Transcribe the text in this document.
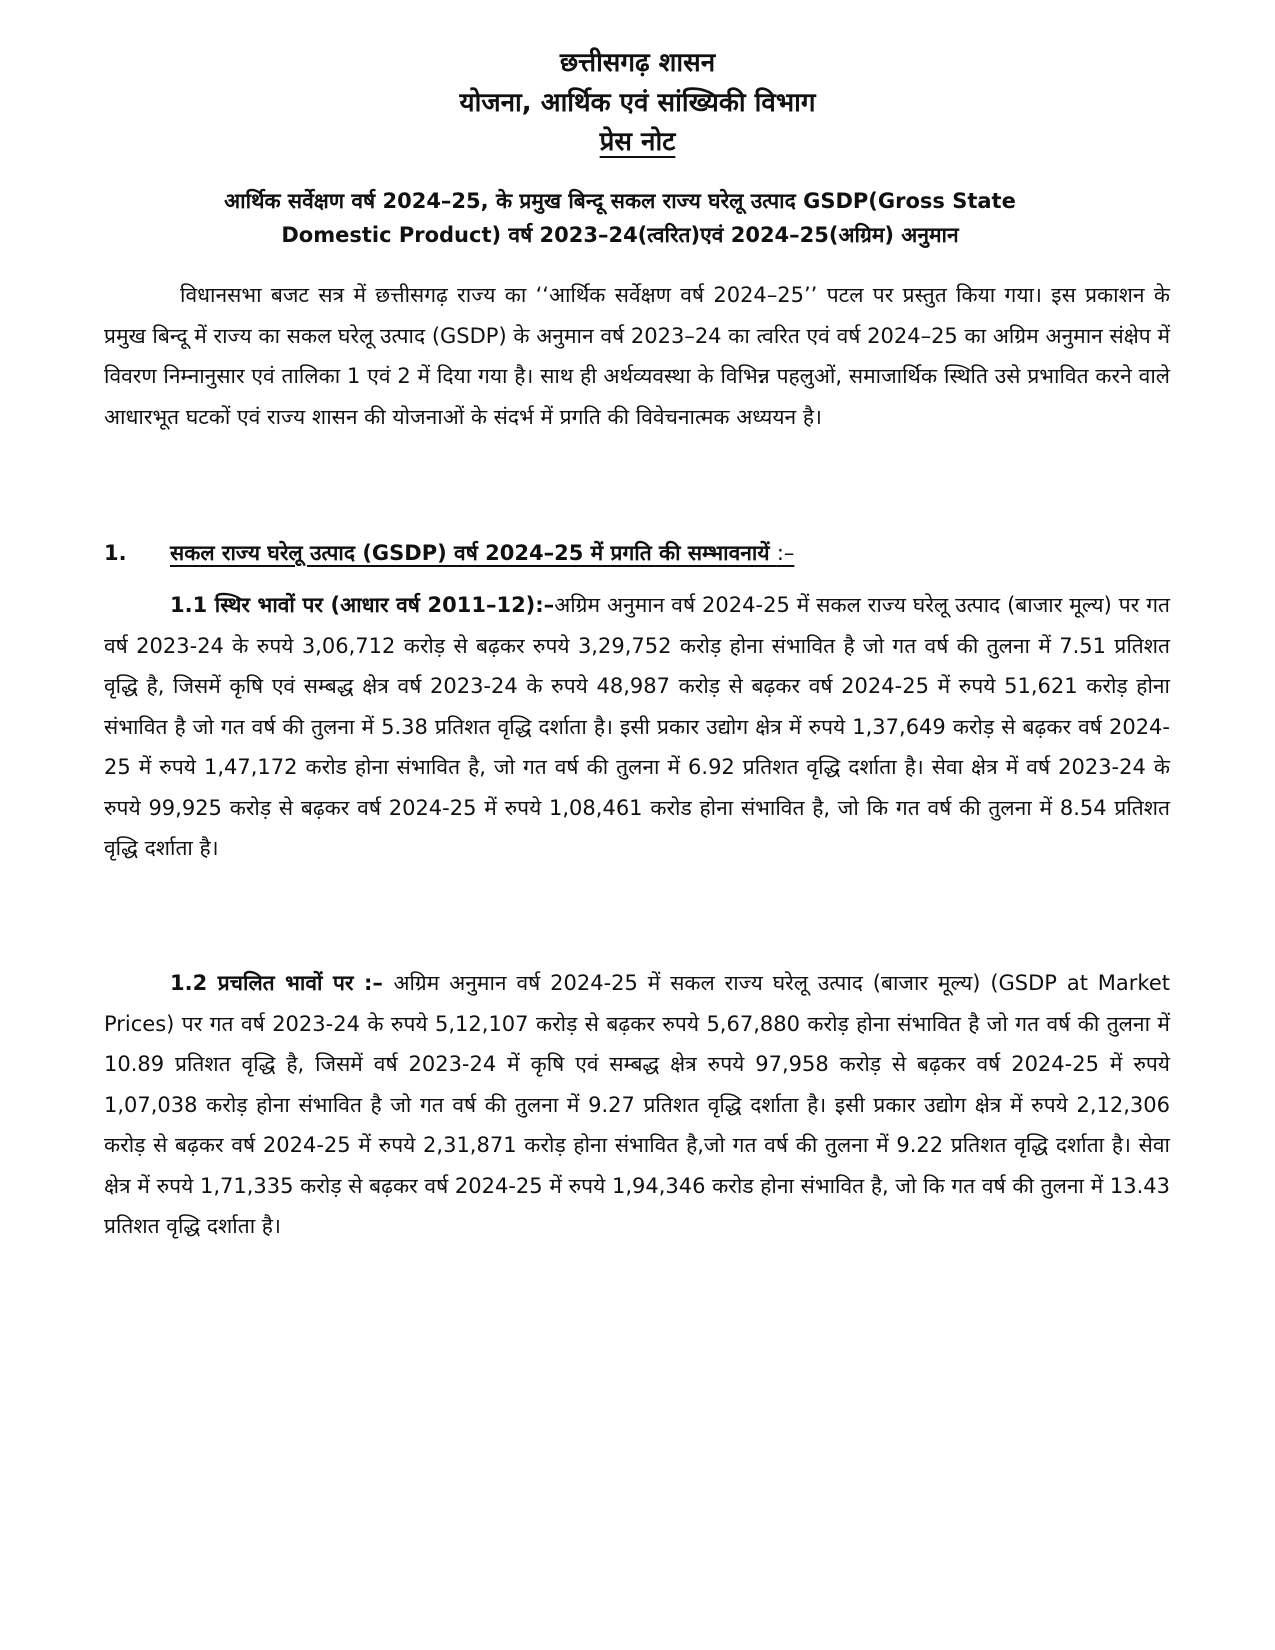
छत्तीसगढ़ शासन
योजना, आर्थिक एवं सांख्यिकी विभाग
प्रेस नोट
आर्थिक सर्वेक्षण वर्ष 2024–25, के प्रमुख बिन्दू सकल राज्य घरेलू उत्पाद GSDP(Gross State
Domestic Product) वर्ष 2023–24(त्वरित)एवं 2024–25(अग्रिम) अनुमान
विधानसभा बजट सत्र में छत्तीसगढ़ राज्य का ‘‘आर्थिक सर्वेक्षण वर्ष 2024–25’’ पटल पर प्रस्तुत किया गया। इस प्रकाशन के प्रमुख बिन्दू में राज्य का सकल घरेलू उत्पाद (GSDP) के अनुमान वर्ष 2023–24 का त्वरित एवं वर्ष 2024–25 का अग्रिम अनुमान संक्षेप में विवरण निम्नानुसार एवं तालिका 1 एवं 2 में दिया गया है। साथ ही अर्थव्यवस्था के विभिन्न पहलुओं, समाजार्थिक स्थिति उसे प्रभावित करने वाले आधारभूत घटकों एवं राज्य शासन की योजनाओं के संदर्भ में प्रगति की विवेचनात्मक अध्ययन है।
1. सकल राज्य घरेलू उत्पाद (GSDP) वर्ष 2024–25 में प्रगति की सम्भावनायें :–
1.1 स्थिर भावों पर (आधार वर्ष 2011–12):–अग्रिम अनुमान वर्ष 2024-25 में सकल राज्य घरेलू उत्पाद (बाजार मूल्य) पर गत वर्ष 2023-24 के रुपये 3,06,712 करोड़ से बढ़कर रुपये 3,29,752 करोड़ होना संभावित है जो गत वर्ष की तुलना में 7.51 प्रतिशत वृद्धि है, जिसमें कृषि एवं सम्बद्ध क्षेत्र वर्ष 2023-24 के रुपये 48,987 करोड़ से बढ़कर वर्ष 2024-25 में रुपये 51,621 करोड़ होना संभावित है जो गत वर्ष की तुलना में 5.38 प्रतिशत वृद्धि दर्शाता है। इसी प्रकार उद्योग क्षेत्र में रुपये 1,37,649 करोड़ से बढ़कर वर्ष 2024-25 में रुपये 1,47,172 करोड होना संभावित है, जो गत वर्ष की तुलना में 6.92 प्रतिशत वृद्धि दर्शाता है। सेवा क्षेत्र में वर्ष 2023-24 के रुपये 99,925 करोड़ से बढ़कर वर्ष 2024-25 में रुपये 1,08,461 करोड होना संभावित है, जो कि गत वर्ष की तुलना में 8.54 प्रतिशत वृद्धि दर्शाता है।
1.2 प्रचलित भावों पर :– अग्रिम अनुमान वर्ष 2024-25 में सकल राज्य घरेलू उत्पाद (बाजार मूल्य) (GSDP at Market Prices) पर गत वर्ष 2023-24 के रुपये 5,12,107 करोड़ से बढ़कर रुपये 5,67,880 करोड़ होना संभावित है जो गत वर्ष की तुलना में 10.89 प्रतिशत वृद्धि है, जिसमें वर्ष 2023-24 में कृषि एवं सम्बद्ध क्षेत्र रुपये 97,958 करोड़ से बढ़कर वर्ष 2024-25 में रुपये 1,07,038 करोड़ होना संभावित है जो गत वर्ष की तुलना में 9.27 प्रतिशत वृद्धि दर्शाता है। इसी प्रकार उद्योग क्षेत्र में रुपये 2,12,306 करोड़ से बढ़कर वर्ष 2024-25 में रुपये 2,31,871 करोड़ होना संभावित है,जो गत वर्ष की तुलना में 9.22 प्रतिशत वृद्धि दर्शाता है। सेवा क्षेत्र में रुपये 1,71,335 करोड़ से बढ़कर वर्ष 2024-25 में रुपये 1,94,346 करोड होना संभावित है, जो कि गत वर्ष की तुलना में 13.43 प्रतिशत वृद्धि दर्शाता है।
